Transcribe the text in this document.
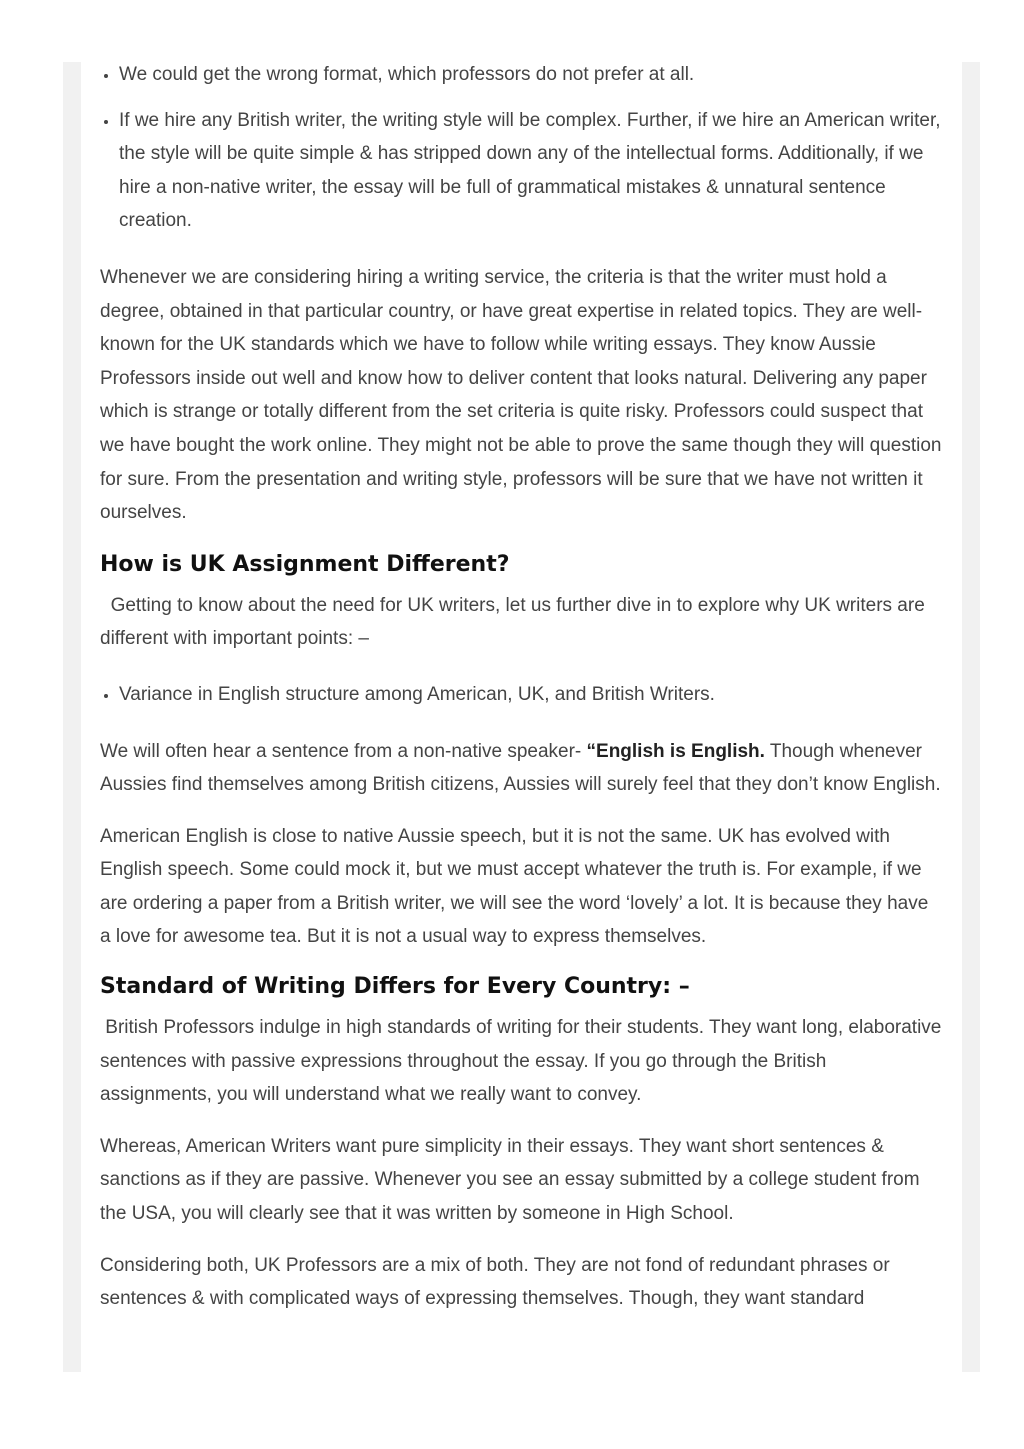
• We could get the wrong format, which professors do not prefer at all.
• If we hire any British writer, the writing style will be complex. Further, if we hire an American writer, the style will be quite simple & has stripped down any of the intellectual forms. Additionally, if we hire a non-native writer, the essay will be full of grammatical mistakes & unnatural sentence creation.

Whenever we are considering hiring a writing service, the criteria is that the writer must hold a degree, obtained in that particular country, or have great expertise in related topics. They are well-known for the UK standards which we have to follow while writing essays. They know Aussie Professors inside out well and know how to deliver content that looks natural. Delivering any paper which is strange or totally different from the set criteria is quite risky. Professors could suspect that we have bought the work online. They might not be able to prove the same though they will question for sure. From the presentation and writing style, professors will be sure that we have not written it ourselves.

How is UK Assignment Different?

Getting to know about the need for UK writers, let us further dive in to explore why UK writers are different with important points: –

• Variance in English structure among American, UK, and British Writers.

We will often hear a sentence from a non-native speaker- “English is English. Though whenever Aussies find themselves among British citizens, Aussies will surely feel that they don’t know English.

American English is close to native Aussie speech, but it is not the same. UK has evolved with English speech. Some could mock it, but we must accept whatever the truth is. For example, if we are ordering a paper from a British writer, we will see the word ‘lovely’ a lot. It is because they have a love for awesome tea. But it is not a usual way to express themselves.

Standard of Writing Differs for Every Country: –

British Professors indulge in high standards of writing for their students. They want long, elaborative sentences with passive expressions throughout the essay. If you go through the British assignments, you will understand what we really want to convey.

Whereas, American Writers want pure simplicity in their essays. They want short sentences & sanctions as if they are passive. Whenever you see an essay submitted by a college student from the USA, you will clearly see that it was written by someone in High School.

Considering both, UK Professors are a mix of both. They are not fond of redundant phrases or sentences & with complicated ways of expressing themselves. Though, they want standard
